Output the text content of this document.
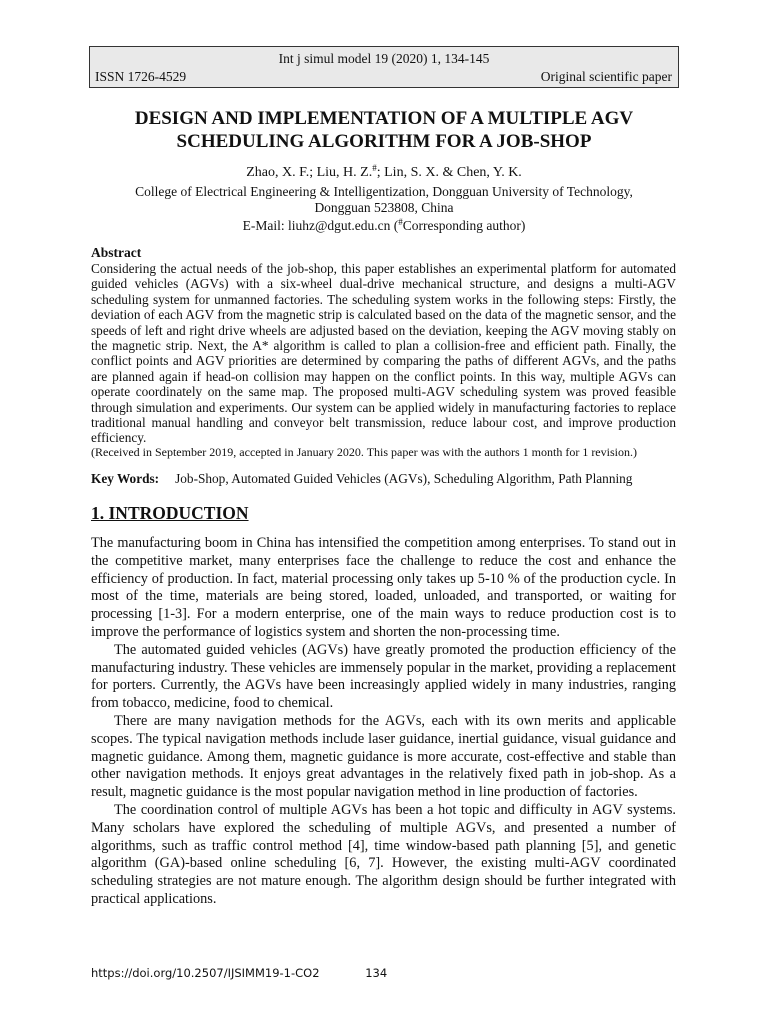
Int j simul model 19 (2020) 1, 134-145
ISSN 1726-4529	Original scientific paper
DESIGN AND IMPLEMENTATION OF A MULTIPLE AGV
SCHEDULING ALGORITHM FOR A JOB-SHOP
Zhao, X. F.; Liu, H. Z.#; Lin, S. X. & Chen, Y. K.
College of Electrical Engineering & Intelligentization, Dongguan University of Technology,
Dongguan 523808, China
E-Mail: liuhz@dgut.edu.cn (#Corresponding author)
Abstract

Considering the actual needs of the job-shop, this paper establishes an experimental platform for automated guided vehicles (AGVs) with a six-wheel dual-drive mechanical structure, and designs a multi-AGV scheduling system for unmanned factories. The scheduling system works in the following steps: Firstly, the deviation of each AGV from the magnetic strip is calculated based on the data of the magnetic sensor, and the speeds of left and right drive wheels are adjusted based on the deviation, keeping the AGV moving stably on the magnetic strip. Next, the A* algorithm is called to plan a collision-free and efficient path. Finally, the conflict points and AGV priorities are determined by comparing the paths of different AGVs, and the paths are planned again if head-on collision may happen on the conflict points. In this way, multiple AGVs can operate coordinately on the same map. The proposed multi-AGV scheduling system was proved feasible through simulation and experiments. Our system can be applied widely in manufacturing factories to replace traditional manual handling and conveyor belt transmission, reduce labour cost, and improve production efficiency.

(Received in September 2019, accepted in January 2020. This paper was with the authors 1 month for 1 revision.)
Key Words: Job-Shop, Automated Guided Vehicles (AGVs), Scheduling Algorithm, Path Planning
1. INTRODUCTION

The manufacturing boom in China has intensified the competition among enterprises. To stand out in the competitive market, many enterprises face the challenge to reduce the cost and enhance the efficiency of production. In fact, material processing only takes up 5-10 % of the production cycle. In most of the time, materials are being stored, loaded, unloaded, and transported, or waiting for processing [1-3]. For a modern enterprise, one of the main ways to reduce production cost is to improve the performance of logistics system and shorten the non-processing time.

The automated guided vehicles (AGVs) have greatly promoted the production efficiency of the manufacturing industry. These vehicles are immensely popular in the market, providing a replacement for porters. Currently, the AGVs have been increasingly applied widely in many industries, ranging from tobacco, medicine, food to chemical.

There are many navigation methods for the AGVs, each with its own merits and applicable scopes. The typical navigation methods include laser guidance, inertial guidance, visual guidance and magnetic guidance. Among them, magnetic guidance is more accurate, cost-effective and stable than other navigation methods. It enjoys great advantages in the relatively fixed path in job-shop. As a result, magnetic guidance is the most popular navigation method in line production of factories.

The coordination control of multiple AGVs has been a hot topic and difficulty in AGV systems. Many scholars have explored the scheduling of multiple AGVs, and presented a number of algorithms, such as traffic control method [4], time window-based path planning [5], and genetic algorithm (GA)-based online scheduling [6, 7]. However, the existing multi-AGV coordinated scheduling strategies are not mature enough. The algorithm design should be further integrated with practical applications.

https://doi.org/10.2507/IJSIMM19-1-CO2	134
